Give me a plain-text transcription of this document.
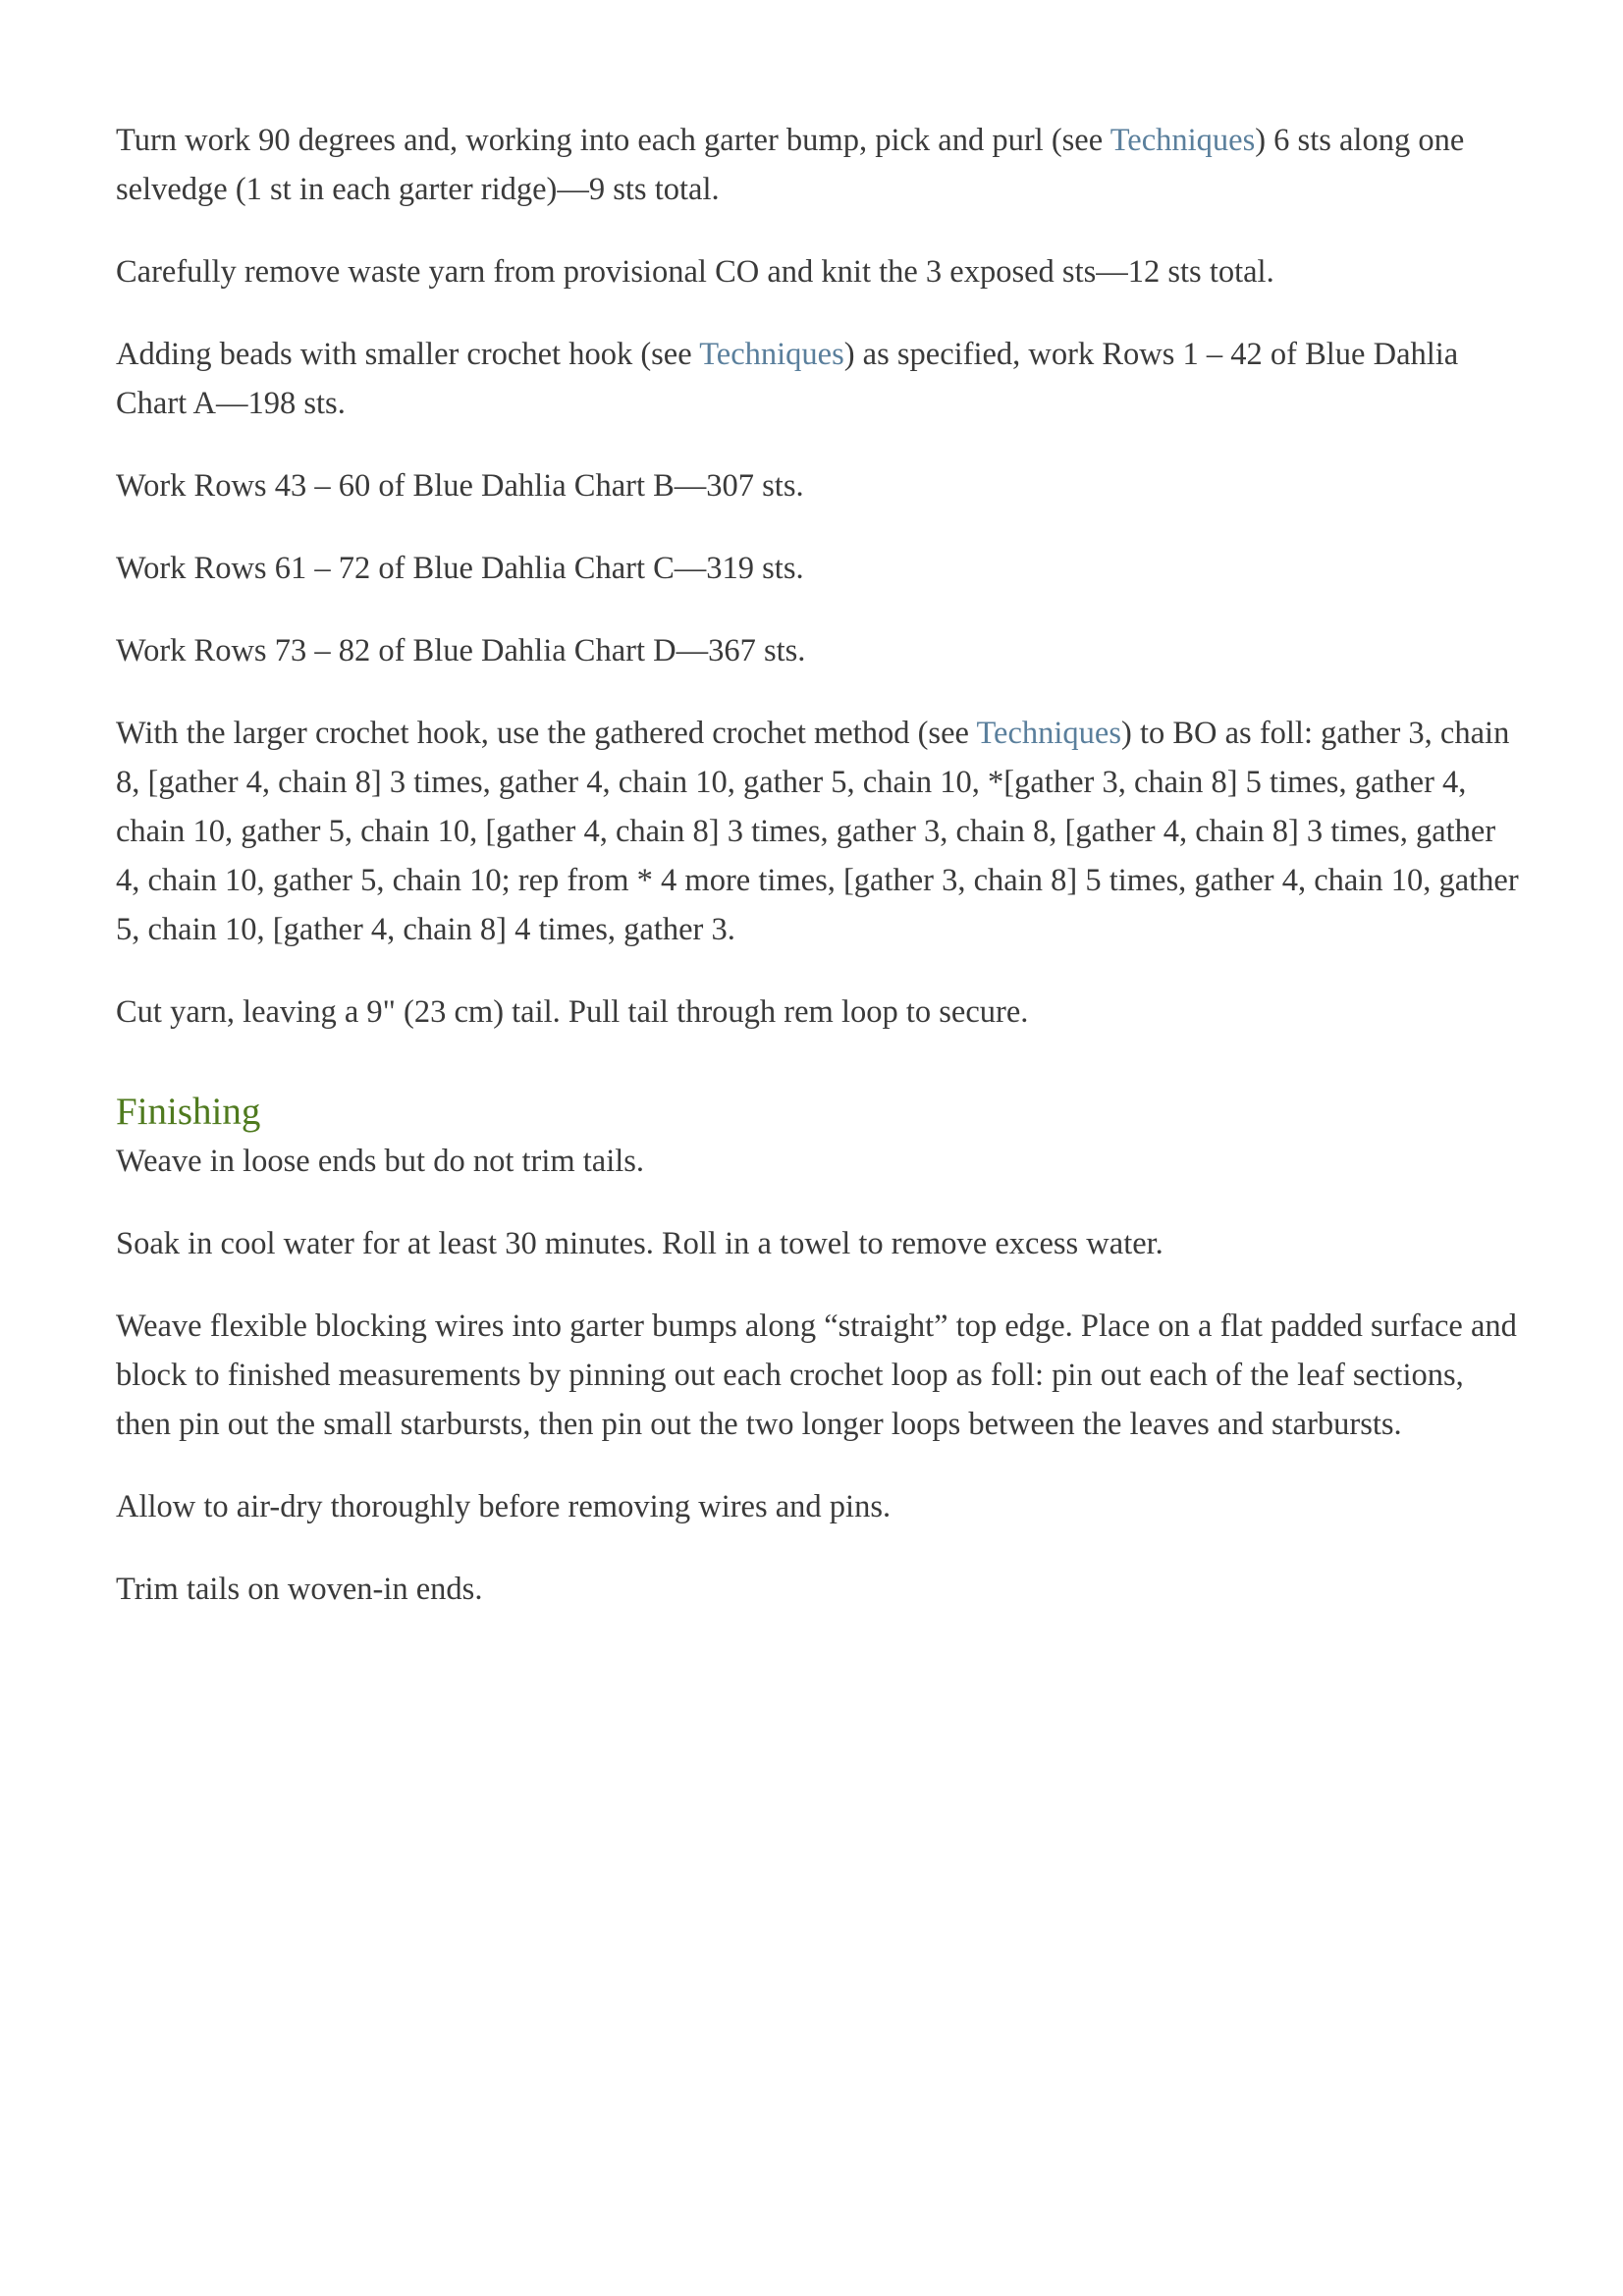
Turn work 90 degrees and, working into each garter bump, pick and purl (see Techniques) 6 sts along one selvedge (1 st in each garter ridge)—9 sts total.

Carefully remove waste yarn from provisional CO and knit the 3 exposed sts—12 sts total.

Adding beads with smaller crochet hook (see Techniques) as specified, work Rows 1 – 42 of Blue Dahlia Chart A—198 sts.

Work Rows 43 – 60 of Blue Dahlia Chart B—307 sts.

Work Rows 61 – 72 of Blue Dahlia Chart C—319 sts.

Work Rows 73 – 82 of Blue Dahlia Chart D—367 sts.

With the larger crochet hook, use the gathered crochet method (see Techniques) to BO as foll: gather 3, chain 8, [gather 4, chain 8] 3 times, gather 4, chain 10, gather 5, chain 10, *[gather 3, chain 8] 5 times, gather 4, chain 10, gather 5, chain 10, [gather 4, chain 8] 3 times, gather 3, chain 8, [gather 4, chain 8] 3 times, gather 4, chain 10, gather 5, chain 10; rep from * 4 more times, [gather 3, chain 8] 5 times, gather 4, chain 10, gather 5, chain 10, [gather 4, chain 8] 4 times, gather 3.

Cut yarn, leaving a 9" (23 cm) tail. Pull tail through rem loop to secure.

Finishing

Weave in loose ends but do not trim tails.

Soak in cool water for at least 30 minutes. Roll in a towel to remove excess water.

Weave flexible blocking wires into garter bumps along “straight” top edge. Place on a flat padded surface and block to finished measurements by pinning out each crochet loop as foll: pin out each of the leaf sections, then pin out the small starbursts, then pin out the two longer loops between the leaves and starbursts.

Allow to air-dry thoroughly before removing wires and pins.

Trim tails on woven-in ends.
